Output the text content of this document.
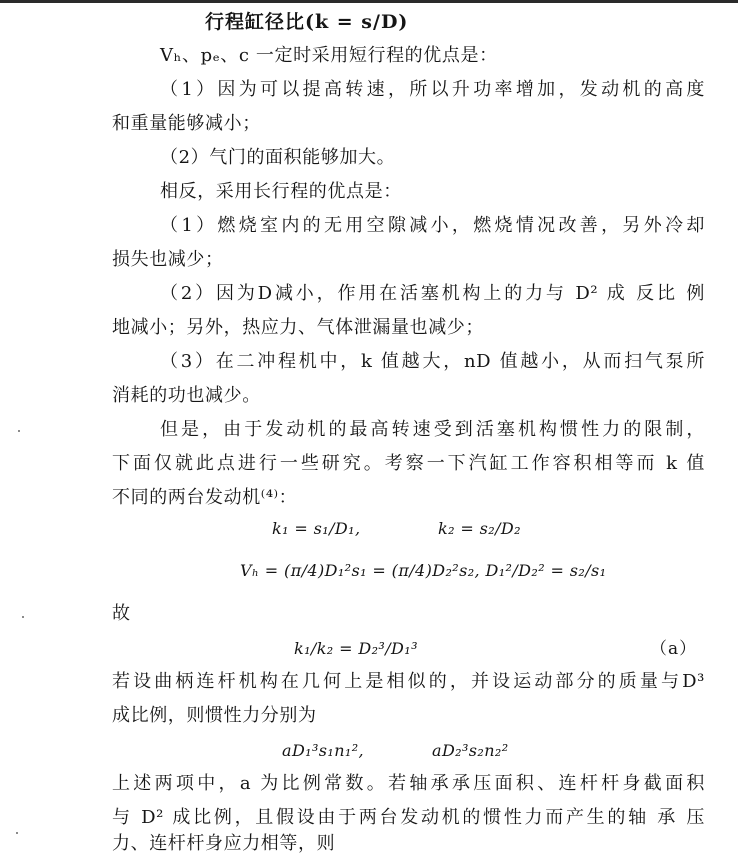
行程缸径比(k = s/D)
Vₕ、pₑ、c 一定时采用短行程的优点是：
（1）因为可以提高转速，所以升功率增加，发动机的高度
和重量能够减小；
（2）气门的面积能够加大。
相反，采用长行程的优点是：
（1）燃烧室内的无用空隙减小，燃烧情况改善，另外冷却
损失也减少；
（2）因为D减小，作用在活塞机构上的力与 D² 成 反比 例
地减小；另外，热应力、气体泄漏量也减少；
（3）在二冲程机中，k 值越大，nD 值越小，从而扫气泵所
消耗的功也减少。
但是，由于发动机的最高转速受到活塞机构惯性力的限制，
下面仅就此点进行一些研究。考察一下汽缸工作容积相等而 k 值
不同的两台发动机⁽⁴⁾：
k₁ = s₁/D₁,	k₂ = s₂/D₂
Vₕ = (π/4)D₁²s₁ = (π/4)D₂²s₂, D₁²/D₂² = s₂/s₁
故
k₁/k₂ = D₂³/D₁³	（a）
若设曲柄连杆机构在几何上是相似的，并设运动部分的质量与D³
成比例，则惯性力分别为
aD₁³s₁n₁²,	aD₂³s₂n₂²
上述两项中，a 为比例常数。若轴承承压面积、连杆杆身截面积
与 D² 成比例，且假设由于两台发动机的惯性力而产生的轴 承 压
力、连杆杆身应力相等，则
